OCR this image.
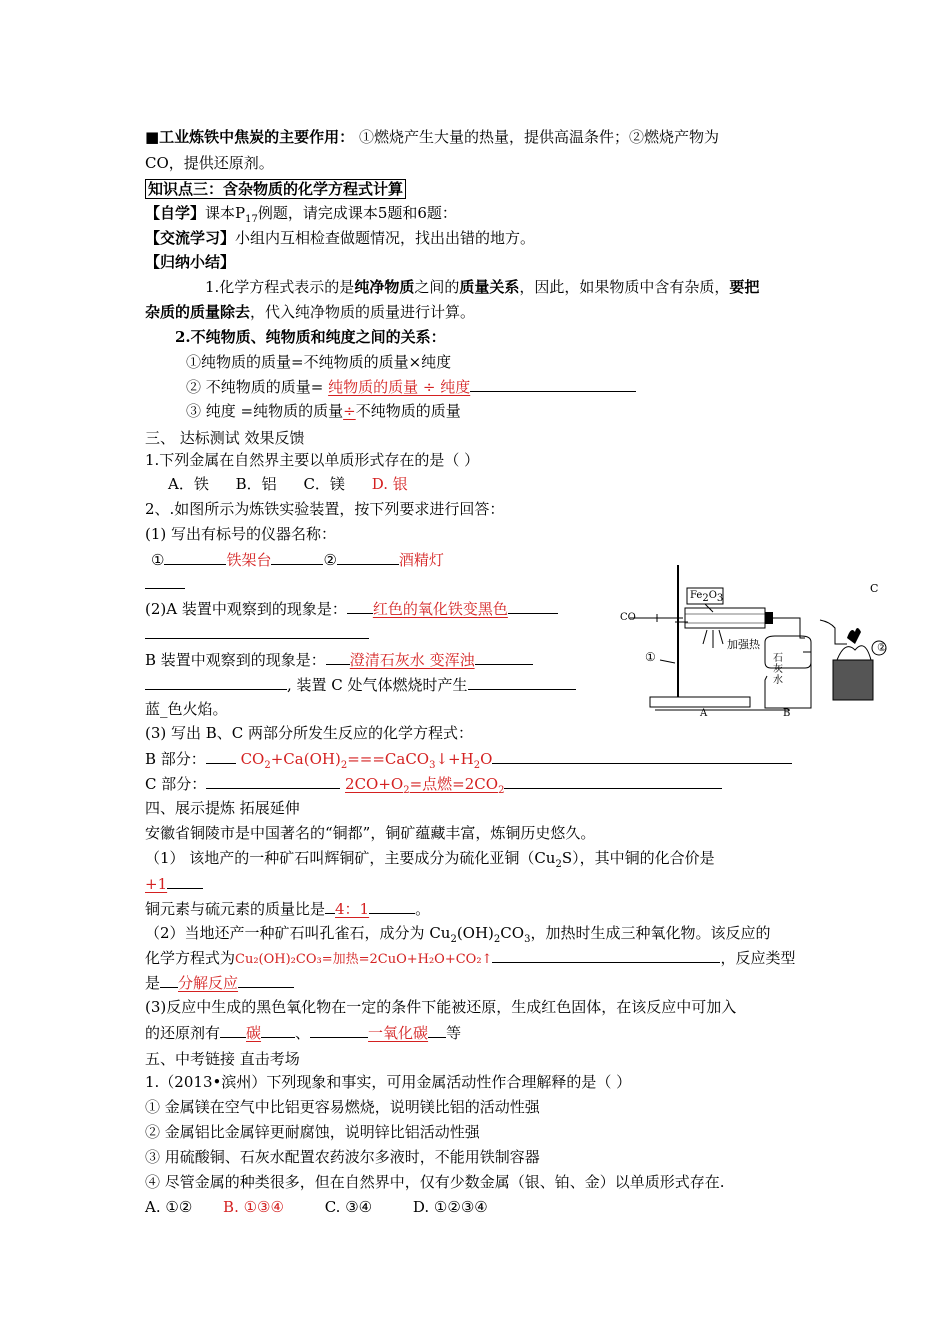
■工业炼铁中焦炭的主要作用： ①燃烧产生大量的热量，提供高温条件；②燃烧产物为
CO，提供还原剂。
知识点三：含杂物质的化学方程式计算
【自学】课本$P_{17}$例题，请完成课本5题和6题：
【交流学习】小组内互相检查做题情况，找出出错的地方。
【归纳小结】
1.化学方程式表示的是纯净物质之间的质量关系，因此，如果物质中含有杂质，要把
杂质的质量除去，代入纯净物质的质量进行计算。
2.不纯物质、纯物质和纯度之间的关系：
①纯物质的质量=不纯物质的质量×纯度
② 不纯物质的质量= 纯物质的质量 ÷ 纯度
③ 纯度 =纯物质的质量÷不纯物质的质量
三、 达标测试 效果反馈
1.下列金属在自然界主要以单质形式存在的是（ ）
A．铁 B．铝 C．镁 D. 银
2、.如图所示为炼铁实验装置，按下列要求进行回答：
(1) 写出有标号的仪器名称：
①	铁架台	②	酒精灯
(2)A 装置中观察到的现象是： 红色的氧化铁变黑色
B 装置中观察到的现象是： 澄清石灰水 变浑浊
, 装置 C 处气体燃烧时产生
蓝_色火焰。
(3) 写出 B、C 两部分所发生反应的化学方程式：
B 部分： $CO_2+Ca(OH)_2===CaCO_3↓+H_2O$
C 部分：	$2CO+O_2=$点燃$=2CO_2$
$Fe_2O_3$
CO
加强热
石
灰
水
C
①
②
A	B
四、展示提炼 拓展延伸
安徽省铜陵市是中国著名的“铜都”，铜矿蕴藏丰富，炼铜历史悠久。
（1） 该地产的一种矿石叫辉铜矿，主要成分为硫化亚铜$(Cu_2S)$，其中铜的化合价是
+1
铜元素与硫元素的质量比是 4：1	。
（2）当地还产一种矿石叫孔雀石，成分为 $Cu_2(OH)_2CO_3$，加热时生成三种氧化物。该反应的
化学方程式为Cu₂(OH)₂CO₃=加热=2CuO+H₂O+CO₂↑	，反应类型
是 分解反应
(3)反应中生成的黑色氧化物在一定的条件下能被还原，生成红色固体，在该反应中可加入
的还原剂有 碳 、	一氧化碳 等
五、中考链接 直击考场
1.（2013•滨州）下列现象和事实，可用金属活动性作合理解释的是（ ）
① 金属镁在空气中比铝更容易燃烧，说明镁比铝的活动性强
② 金属铝比金属锌更耐腐蚀，说明锌比铝活动性强
③ 用硫酸铜、石灰水配置农药波尔多液时，不能用铁制容器
④ 尽管金属的种类很多，但在自然界中，仅有少数金属（银、铂、金）以单质形式存在.
A. ①② B. ①③④	C. ③④	D. ①②③④
